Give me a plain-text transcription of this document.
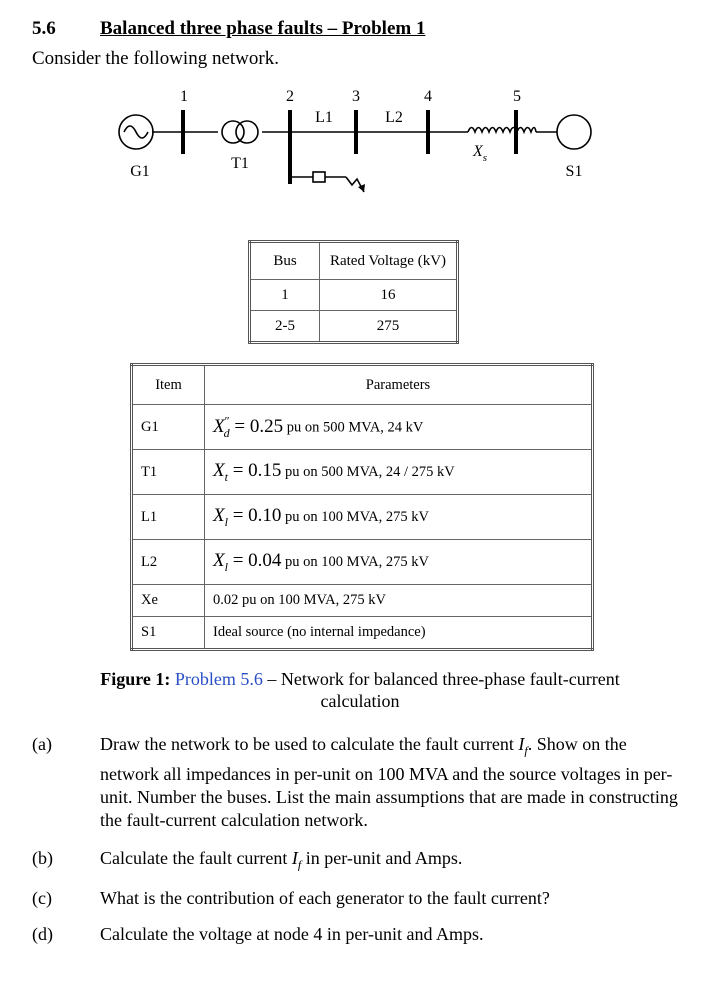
5.6 Balanced three phase faults – Problem 1
Consider the following network.
1	2	3	4	5
L1	L2
T1
G1	S1
$X_s$
Bus	Rated Voltage (kV)
1	16
2-5	275
Item	Parameters
G1	$X''_d = 0.25$ pu on 500 MVA, 24 kV
T1	$X_t = 0.15$ pu on 500 MVA, 24 / 275 kV
L1	$X_l = 0.10$ pu on 100 MVA, 275 kV
L2	$X_l = 0.04$ pu on 100 MVA, 275 kV
Xe	0.02 pu on 100 MVA, 275 kV
S1	Ideal source (no internal impedance)
Figure 1: Problem 5.6 – Network for balanced three-phase fault-current calculation
(a)	Draw the network to be used to calculate the fault current $I_f$. Show on the network all impedances in per-unit on 100 MVA and the source voltages in per-unit. Number the buses. List the main assumptions that are made in constructing the fault-current calculation network.
(b)	Calculate the fault current $I_f$ in per-unit and Amps.
(c)	What is the contribution of each generator to the fault current?
(d)	Calculate the voltage at node 4 in per-unit and Amps.
